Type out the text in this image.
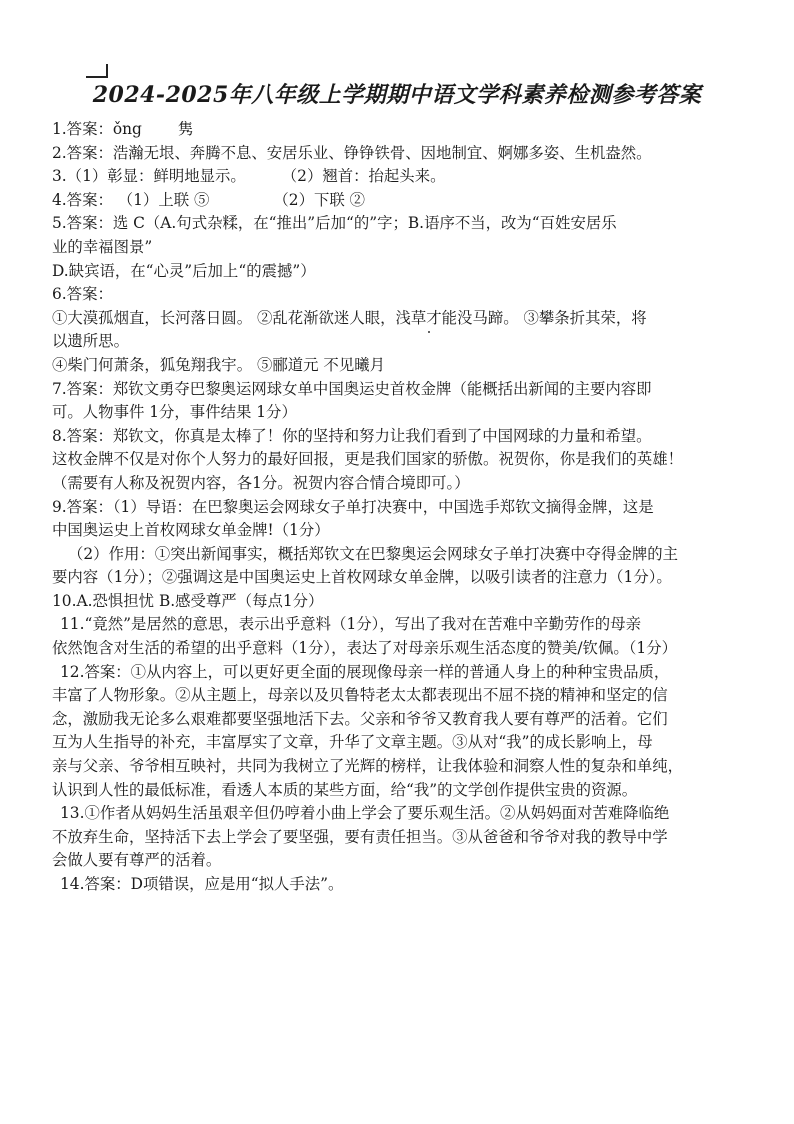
2024-2025年八年级上学期期中语文学科素养检测参考答案
1.答案：ǒng 隽
2.答案：浩瀚无垠、奔腾不息、安居乐业、铮铮铁骨、因地制宜、婀娜多姿、生机盎然。
3.（1）彰显：鲜明地显示。 （2）翘首：抬起头来。
4.答案： （1）上联 ⑤	（2）下联 ②
5.答案：选 C（A.句式杂糅，在“推出”后加“的”字；B.语序不当，改为“百姓安居乐
业的幸福图景”
D.缺宾语，在“心灵”后加上“的震撼”）
6.答案：
①大漠孤烟直，长河落日圆。 ②乱花渐欲迷人眼，浅草才能没马蹄。 ③攀条折其荣，将
以遗所思。
④柴门何萧条，狐兔翔我宇。 ⑤郦道元 不见曦月
7.答案：郑钦文勇夺巴黎奥运网球女单中国奥运史首枚金牌（能概括出新闻的主要内容即
可。人物事件 1分，事件结果 1分）
8.答案：郑钦文，你真是太棒了！你的坚持和努力让我们看到了中国网球的力量和希望。
这枚金牌不仅是对你个人努力的最好回报，更是我们国家的骄傲。祝贺你，你是我们的英雄！
（需要有人称及祝贺内容，各1分。祝贺内容合情合境即可。）
9.答案：（1）导语：在巴黎奥运会网球女子单打决赛中，中国选手郑钦文摘得金牌，这是
中国奥运史上首枚网球女单金牌!（1分）
（2）作用：①突出新闻事实，概括郑钦文在巴黎奥运会网球女子单打决赛中夺得金牌的主
要内容（1分）；②强调这是中国奥运史上首枚网球女单金牌，以吸引读者的注意力（1分）。
10.A.恐惧担忧 B.感受尊严（每点1分）
11.“竟然”是居然的意思，表示出乎意料（1分），写出了我对在苦难中辛勤劳作的母亲
依然饱含对生活的希望的出乎意料（1分），表达了对母亲乐观生活态度的赞美/钦佩。（1分）
12.答案：①从内容上，可以更好更全面的展现像母亲一样的普通人身上的种种宝贵品质，
丰富了人物形象。②从主题上，母亲以及贝鲁特老太太都表现出不屈不挠的精神和坚定的信
念，激励我无论多么艰难都要坚强地活下去。父亲和爷爷又教育我人要有尊严的活着。它们
互为人生指导的补充，丰富厚实了文章，升华了文章主题。③从对“我”的成长影响上，母
亲与父亲、爷爷相互映衬，共同为我树立了光辉的榜样，让我体验和洞察人性的复杂和单纯，
认识到人性的最低标准，看透人本质的某些方面，给“我”的文学创作提供宝贵的资源。
13.①作者从妈妈生活虽艰辛但仍哼着小曲上学会了要乐观生活。②从妈妈面对苦难降临绝
不放弃生命，坚持活下去上学会了要坚强，要有责任担当。③从爸爸和爷爷对我的教导中学
会做人要有尊严的活着。
14.答案：D项错误，应是用“拟人手法”。
